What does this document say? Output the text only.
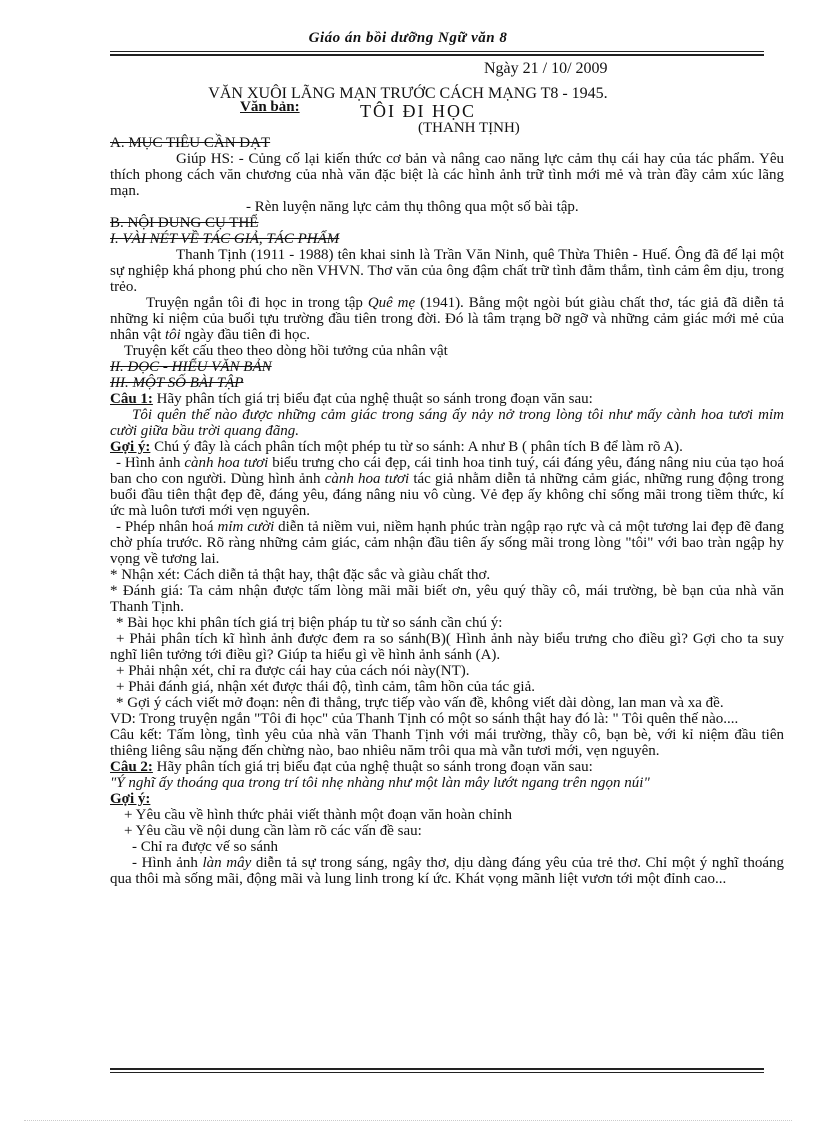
Giáo án bồi dưỡng Ngữ văn 8
Ngày 21 / 10/ 2009
VĂN XUÔI LÃNG MẠN TRƯỚC CÁCH MẠNG T8 - 1945.
Văn bản:	TÔI ĐI HỌC
(THANH TỊNH)

A. MỤC TIÊU CẦN ĐẠT

Giúp HS: - Củng cố lại kiến thức cơ bản và nâng cao năng lực cảm thụ cái hay của tác phẩm. Yêu thích phong cách văn chương của nhà văn đặc biệt là các hình ảnh trữ tình mới mẻ và tràn đầy cảm xúc lãng mạn.

- Rèn luyện năng lực cảm thụ thông qua một số bài tập.

B. NỘI DUNG CỤ THỂ

I. VÀI NÉT VỀ TÁC GIẢ, TÁC PHẨM

Thanh Tịnh (1911 - 1988) tên khai sinh là Trần Văn Ninh, quê Thừa Thiên - Huế. Ông đã để lại một sự nghiệp khá phong phú cho nền VHVN. Thơ văn của ông đậm chất trữ tình đằm thắm, tình cảm êm dịu, trong trẻo.

Truyện ngắn tôi đi học in trong tập Quê mẹ (1941). Bằng một ngòi bút giàu chất thơ, tác giả đã diễn tả những kỉ niệm của buổi tựu trường đầu tiên trong đời. Đó là tâm trạng bỡ ngỡ và những cảm giác mới mẻ của nhân vật tôi ngày đầu tiên đi học.

Truyện kết cấu theo theo dòng hồi tưởng của nhân vật

II. ĐỌC - HIỂU VĂN BẢN

III. MỘT SỐ BÀI TẬP

Câu 1: Hãy phân tích giá trị biểu đạt của nghệ thuật so sánh trong đoạn văn sau:

Tôi quên thế nào được những cảm giác trong sáng ấy nảy nở trong lòng tôi như mấy cành hoa tươi mỉm cười giữa bầu trời quang đãng.

Gợi ý: Chú ý đây là cách phân tích một phép tu từ so sánh: A như B ( phân tích B để làm rõ A).

- Hình ảnh cành hoa tươi biểu trưng cho cái đẹp, cái tinh hoa tinh tuý, cái đáng yêu, đáng nâng niu của tạo hoá ban cho con người. Dùng hình ảnh cành hoa tươi tác giả nhằm diễn tả những cảm giác, những rung động trong buổi đầu tiên thật đẹp đẽ, đáng yêu, đáng nâng niu vô cùng. Vẻ đẹp ấy không chỉ sống mãi trong tiềm thức, kí ức mà luôn tươi mới vẹn nguyên.

- Phép nhân hoá mỉm cười diễn tả niềm vui, niềm hạnh phúc tràn ngập rạo rực và cả một tương lai đẹp đẽ đang chờ phía trước. Rõ ràng những cảm giác, cảm nhận đầu tiên ấy sống mãi trong lòng "tôi" với bao tràn ngập hy vọng về tương lai.

* Nhận xét: Cách diễn tả thật hay, thật đặc sắc và giàu chất thơ.

* Đánh giá: Ta cảm nhận được tấm lòng mãi mãi biết ơn, yêu quý thầy cô, mái trường, bè bạn của nhà văn Thanh Tịnh.

* Bài học khi phân tích giá trị biện pháp tu từ so sánh cần chú ý:

+ Phải phân tích kĩ hình ảnh được đem ra so sánh(B)( Hình ảnh này biểu trưng cho điều gì? Gợi cho ta suy nghĩ liên tưởng tới điều gì? Giúp ta hiểu gì về hình ảnh sánh (A).

+ Phải nhận xét, chỉ ra được cái hay của cách nói này(NT).

+ Phải đánh giá, nhận xét được thái độ, tình cảm, tâm hồn của tác giả.

* Gợi ý cách viết mở đoạn: nên đi thẳng, trực tiếp vào vấn đề, không viết dài dòng, lan man và xa đề.

VD: Trong truyện ngắn "Tôi đi học" của Thanh Tịnh có một so sánh thật hay đó là: " Tôi quên thế nào....

Câu kết: Tấm lòng, tình yêu của nhà văn Thanh Tịnh với mái trường, thầy cô, bạn bè, với kỉ niệm đầu tiên thiêng liêng sâu nặng đến chừng nào, bao nhiêu năm trôi qua mà vẫn tươi mới, vẹn nguyên.

Câu 2: Hãy phân tích giá trị biểu đạt của nghệ thuật so sánh trong đoạn văn sau:

"Ý nghĩ ấy thoáng qua trong trí tôi nhẹ nhàng như một làn mây lướt ngang trên ngọn núi"

Gợi ý:

+ Yêu cầu về hình thức phải viết thành một đoạn văn hoàn chỉnh

+ Yêu cầu về nội dung cần làm rõ các vấn đề sau:

- Chỉ ra được vế so sánh

- Hình ảnh làn mây diễn tả sự trong sáng, ngây thơ, dịu dàng đáng yêu của trẻ thơ. Chỉ một ý nghĩ thoáng qua thôi mà sống mãi, động mãi và lung linh trong kí ức. Khát vọng mãnh liệt vươn tới một đỉnh cao...
